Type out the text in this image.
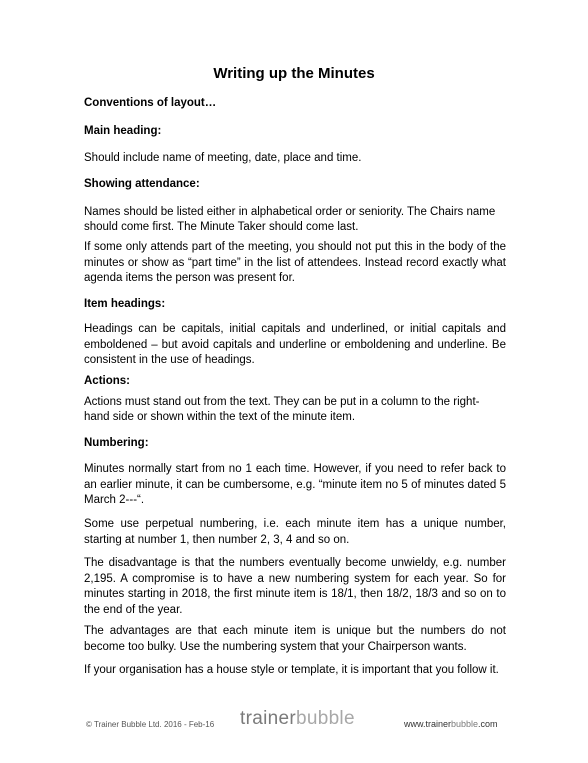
Writing up the Minutes

Conventions of layout…

Main heading:

Should include name of meeting, date, place and time.

Showing attendance:

Names should be listed either in alphabetical order or seniority. The Chairs name

should come first. The Minute Taker should come last.

If some only attends part of the meeting, you should not put this in the body of the minutes or show as “part time” in the list of attendees. Instead record exactly what agenda items the person was present for.

Item headings:

Headings can be capitals, initial capitals and underlined, or initial capitals and emboldened – but avoid capitals and underline or emboldening and underline. Be consistent in the use of headings.

Actions:

Actions must stand out from the text. They can be put in a column to the right-

hand side or shown within the text of the minute item.

Numbering:

Minutes normally start from no 1 each time. However, if you need to refer back to an earlier minute, it can be cumbersome, e.g. “minute item no 5 of minutes dated 5 March 2---“.

Some use perpetual numbering, i.e. each minute item has a unique number, starting at number 1, then number 2, 3, 4 and so on.

The disadvantage is that the numbers eventually become unwieldy, e.g. number 2,195. A compromise is to have a new numbering system for each year. So for minutes starting in 2018, the first minute item is 18/1, then 18/2, 18/3 and so on to the end of the year.

The advantages are that each minute item is unique but the numbers do not become too bulky. Use the numbering system that your Chairperson wants.

If your organisation has a house style or template, it is important that you follow it.

© Trainer Bubble Ltd. 2016 - Feb-16 trainerbubble	www.trainerbubble.com
